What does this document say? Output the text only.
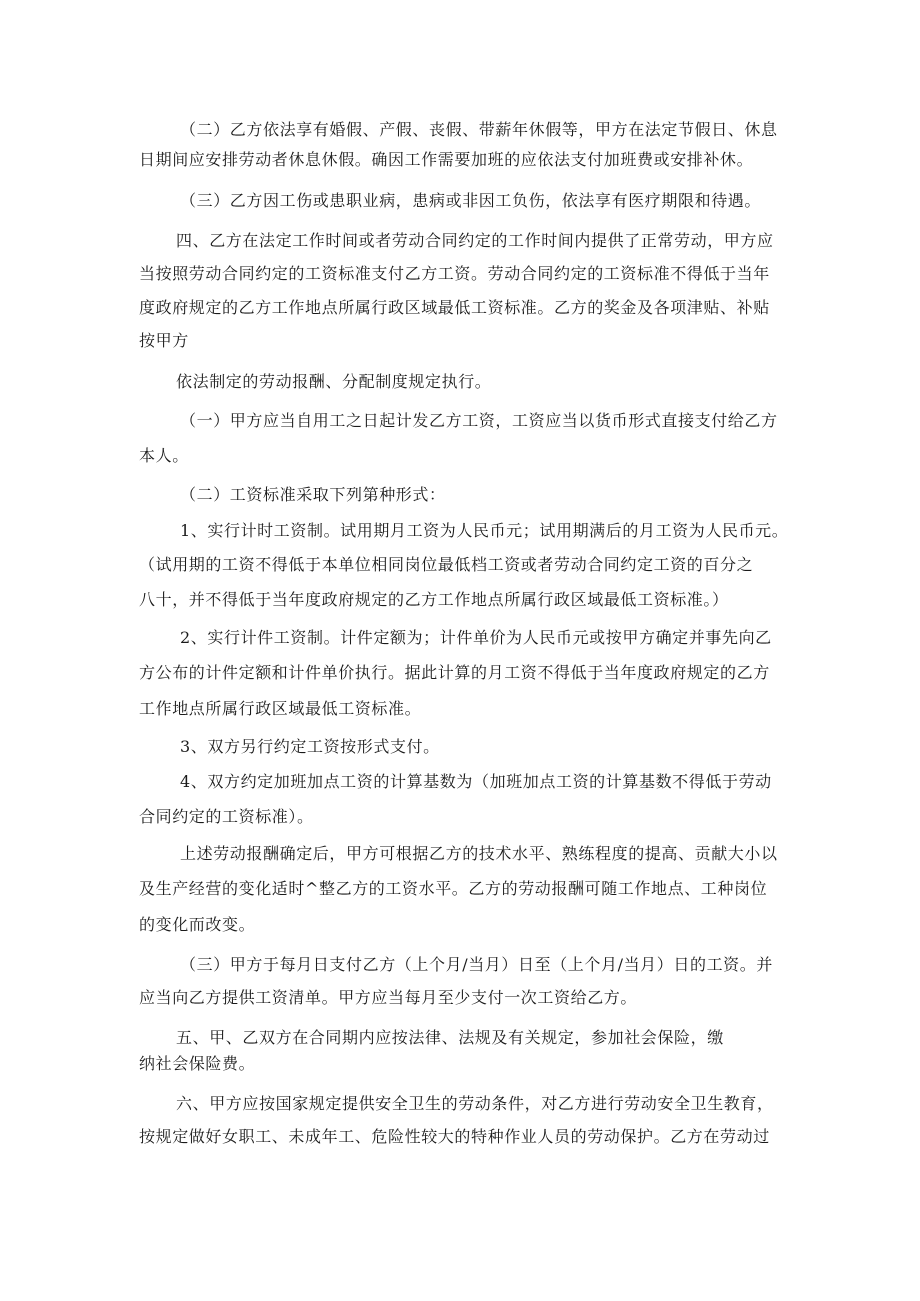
（二）乙方依法享有婚假、产假、丧假、带薪年休假等，甲方在法定节假日、休息
日期间应安排劳动者休息休假。确因工作需要加班的应依法支付加班费或安排补休。
（三）乙方因工伤或患职业病，患病或非因工负伤，依法享有医疗期限和待遇。
四、乙方在法定工作时间或者劳动合同约定的工作时间内提供了正常劳动，甲方应
当按照劳动合同约定的工资标准支付乙方工资。劳动合同约定的工资标准不得低于当年
度政府规定的乙方工作地点所属行政区域最低工资标准。乙方的奖金及各项津贴、补贴
按甲方
依法制定的劳动报酬、分配制度规定执行。
（一）甲方应当自用工之日起计发乙方工资，工资应当以货币形式直接支付给乙方
本人。
（二）工资标准采取下列第种形式：
1、实行计时工资制。试用期月工资为人民币元；试用期满后的月工资为人民币元。
（试用期的工资不得低于本单位相同岗位最低档工资或者劳动合同约定工资的百分之
八十，并不得低于当年度政府规定的乙方工作地点所属行政区域最低工资标准。）
2、实行计件工资制。计件定额为；计件单价为人民币元或按甲方确定并事先向乙
方公布的计件定额和计件单价执行。据此计算的月工资不得低于当年度政府规定的乙方
工作地点所属行政区域最低工资标准。
3、双方另行约定工资按形式支付。
4、双方约定加班加点工资的计算基数为（加班加点工资的计算基数不得低于劳动
合同约定的工资标准）。
上述劳动报酬确定后，甲方可根据乙方的技术水平、熟练程度的提高、贡献大小以
及生产经营的变化适时^整乙方的工资水平。乙方的劳动报酬可随工作地点、工种岗位
的变化而改变。
（三）甲方于每月日支付乙方（上个月/当月）日至（上个月/当月）日的工资。并
应当向乙方提供工资清单。甲方应当每月至少支付一次工资给乙方。
五、甲、乙双方在合同期内应按法律、法规及有关规定，参加社会保险，缴
纳社会保险费。
六、甲方应按国家规定提供安全卫生的劳动条件，对乙方进行劳动安全卫生教育，
按规定做好女职工、未成年工、危险性较大的特种作业人员的劳动保护。乙方在劳动过
